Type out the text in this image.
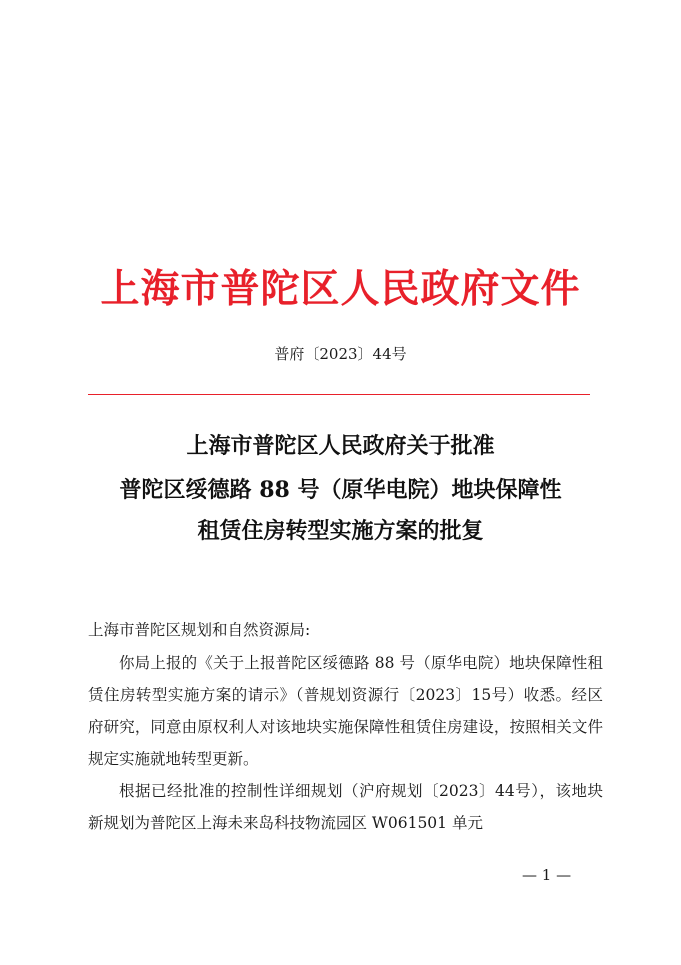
上海市普陀区人民政府文件
普府〔2023〕44号
上海市普陀区人民政府关于批准
普陀区绥德路 88 号（原华电院）地块保障性
租赁住房转型实施方案的批复
上海市普陀区规划和自然资源局:
你局上报的《关于上报普陀区绥德路 88 号（原华电院）地块保障性租赁住房转型实施方案的请示》（普规划资源行〔2023〕15号）收悉。经区府研究，同意由原权利人对该地块实施保障性租赁住房建设，按照相关文件规定实施就地转型更新。
根据已经批准的控制性详细规划（沪府规划〔2023〕44号），该地块新规划为普陀区上海未来岛科技物流园区 W061501 单元
— 1 —
